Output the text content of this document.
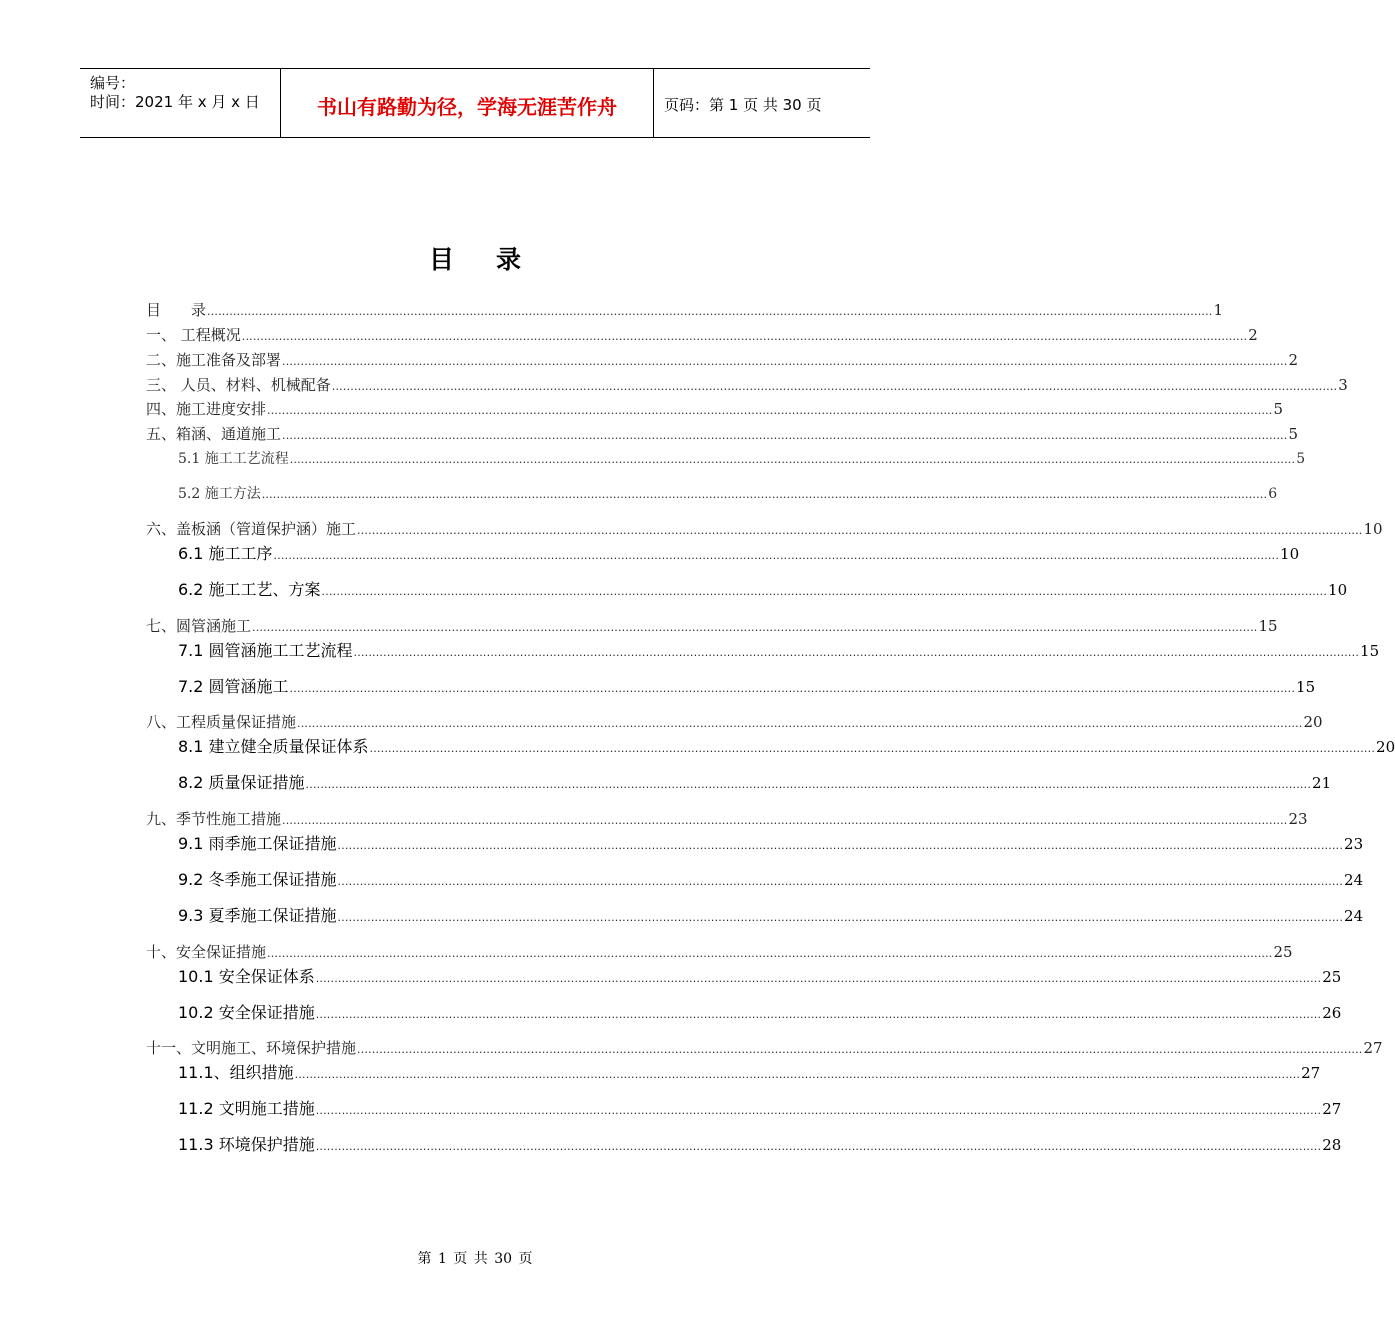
编号：
时间：2021 年 x 月 x 日	书山有路勤为径，学海无涯苦作舟	页码：第 1 页 共 30 页
目录
目　　录 ................................................................................................................................................................................................................................................................................ 1
一、 工程概况 ................................................................................................................................................................................................................................................................................ 2
二、施工准备及部署 ................................................................................................................................................................................................................................................................................ 2
三、 人员、材料、机械配备 ................................................................................................................................................................................................................................................................................ 3
四、施工进度安排 ................................................................................................................................................................................................................................................................................ 5
五、箱涵、通道施工 ................................................................................................................................................................................................................................................................................ 5
5.1 施工工艺流程 ................................................................................................................................................................................................................................................................................ 5
5.2 施工方法 ................................................................................................................................................................................................................................................................................ 6
六、盖板涵（管道保护涵）施工 ................................................................................................................................................................................................................................................................................ 10
6.1 施工工序 ................................................................................................................................................................................................................................................................................ 10
6.2 施工工艺、方案 ................................................................................................................................................................................................................................................................................ 10
七、圆管涵施工 ................................................................................................................................................................................................................................................................................ 15
7.1 圆管涵施工工艺流程 ................................................................................................................................................................................................................................................................................ 15
7.2 圆管涵施工 ................................................................................................................................................................................................................................................................................ 15
八、工程质量保证措施 ................................................................................................................................................................................................................................................................................ 20
8.1 建立健全质量保证体系 ................................................................................................................................................................................................................................................................................ 20
8.2 质量保证措施 ................................................................................................................................................................................................................................................................................ 21
九、季节性施工措施 ................................................................................................................................................................................................................................................................................ 23
9.1 雨季施工保证措施 ................................................................................................................................................................................................................................................................................ 23
9.2 冬季施工保证措施 ................................................................................................................................................................................................................................................................................ 24
9.3 夏季施工保证措施 ................................................................................................................................................................................................................................................................................ 24
十、安全保证措施 ................................................................................................................................................................................................................................................................................ 25
10.1 安全保证体系 ................................................................................................................................................................................................................................................................................ 25
10.2 安全保证措施 ................................................................................................................................................................................................................................................................................ 26
十一、文明施工、环境保护措施 ................................................................................................................................................................................................................................................................................ 27
11.1、组织措施 ................................................................................................................................................................................................................................................................................ 27
11.2 文明施工措施 ................................................................................................................................................................................................................................................................................ 27
11.3 环境保护措施 ................................................................................................................................................................................................................................................................................ 28
第 1 页 共 30 页
